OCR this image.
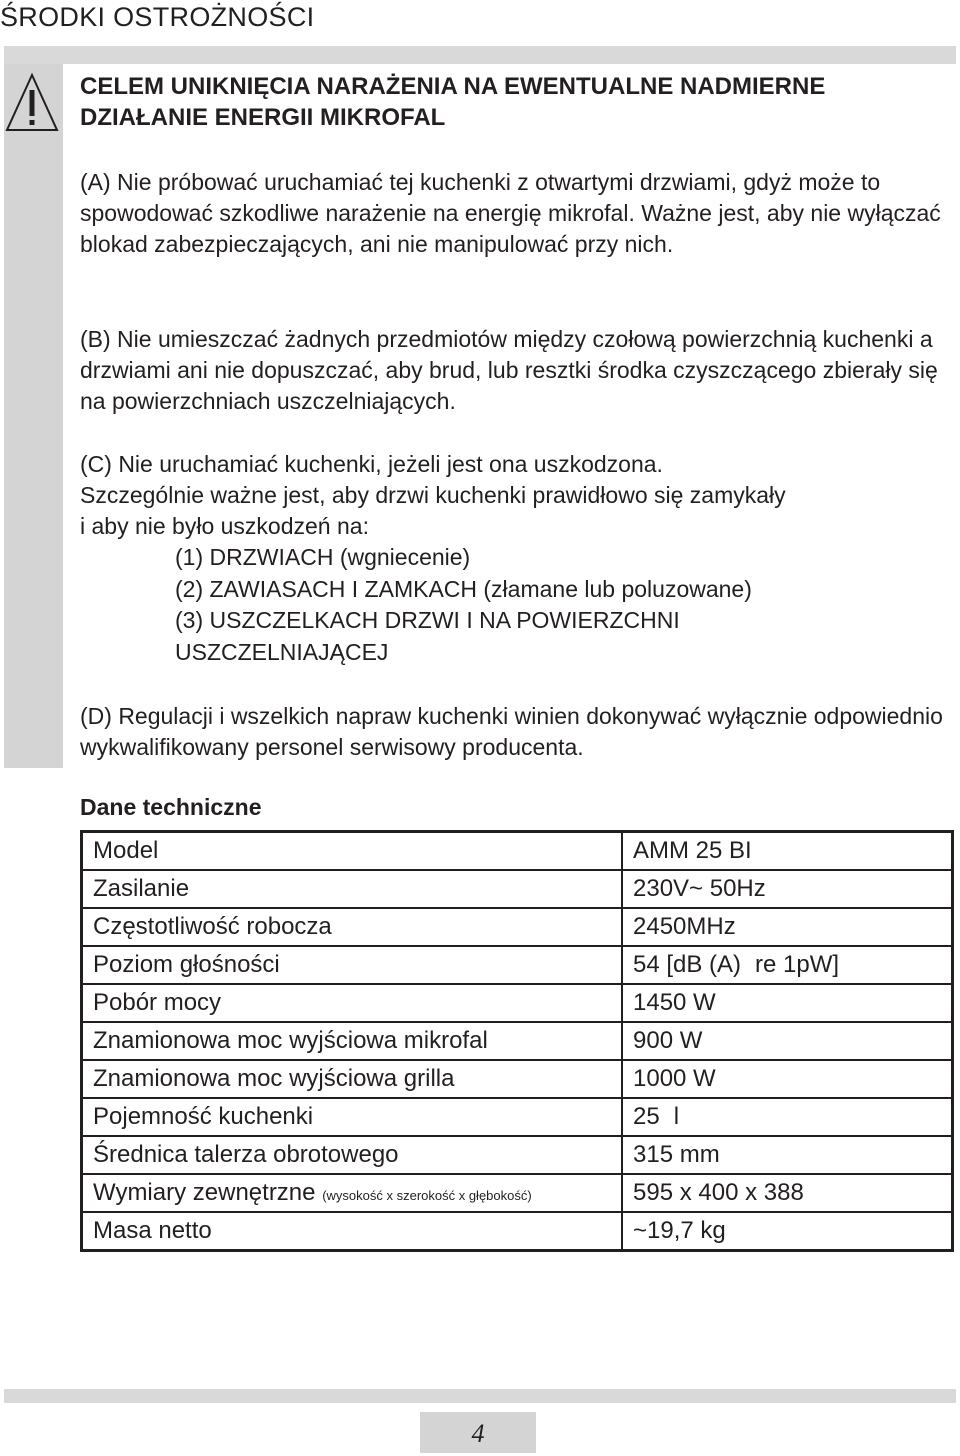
ŚRODKI OSTROŻNOŚCI
CELEM UNIKNIĘCIA NARAŻENIA NA EWENTUALNE NADMIERNE
DZIAŁANIE ENERGII MIKROFAL

(A) Nie próbować uruchamiać tej kuchenki z otwartymi drzwiami, gdyż może to spowodować szkodliwe narażenie na energię mikrofal. Ważne jest, aby nie wyłączać blokad zabezpieczających, ani nie manipulować przy nich.

(B) Nie umieszczać żadnych przedmiotów między czołową powierzchnią kuchenki a drzwiami ani nie dopuszczać, aby brud, lub resztki środka czyszczącego zbierały się na powierzchniach uszczelniających.

(C) Nie uruchamiać kuchenki, jeżeli jest ona uszkodzona.
Szczególnie ważne jest, aby drzwi kuchenki prawidłowo się zamykały
i aby nie było uszkodzeń na:
(1) DRZWIACH (wgniecenie)
(2) ZAWIASACH I ZAMKACH (złamane lub poluzowane)
(3) USZCZELKACH DRZWI I NA POWIERZCHNI
USZCZELNIAJĄCEJ

(D) Regulacji i wszelkich napraw kuchenki winien dokonywać wyłącznie odpowiednio wykwalifikowany personel serwisowy producenta.

Dane techniczne
Model	AMM 25 BI
Zasilanie	230V~ 50Hz
Częstotliwość robocza	2450MHz
Poziom głośności	54 [dB (A) re 1pW]
Pobór mocy	1450 W
Znamionowa moc wyjściowa mikrofal	900 W
Znamionowa moc wyjściowa grilla	1000 W
Pojemność kuchenki	25 l
Średnica talerza obrotowego	315 mm
Wymiary zewnętrzne (wysokość x szerokość x głębokość)	595 x 400 x 388
Masa netto	~19,7 kg
4
